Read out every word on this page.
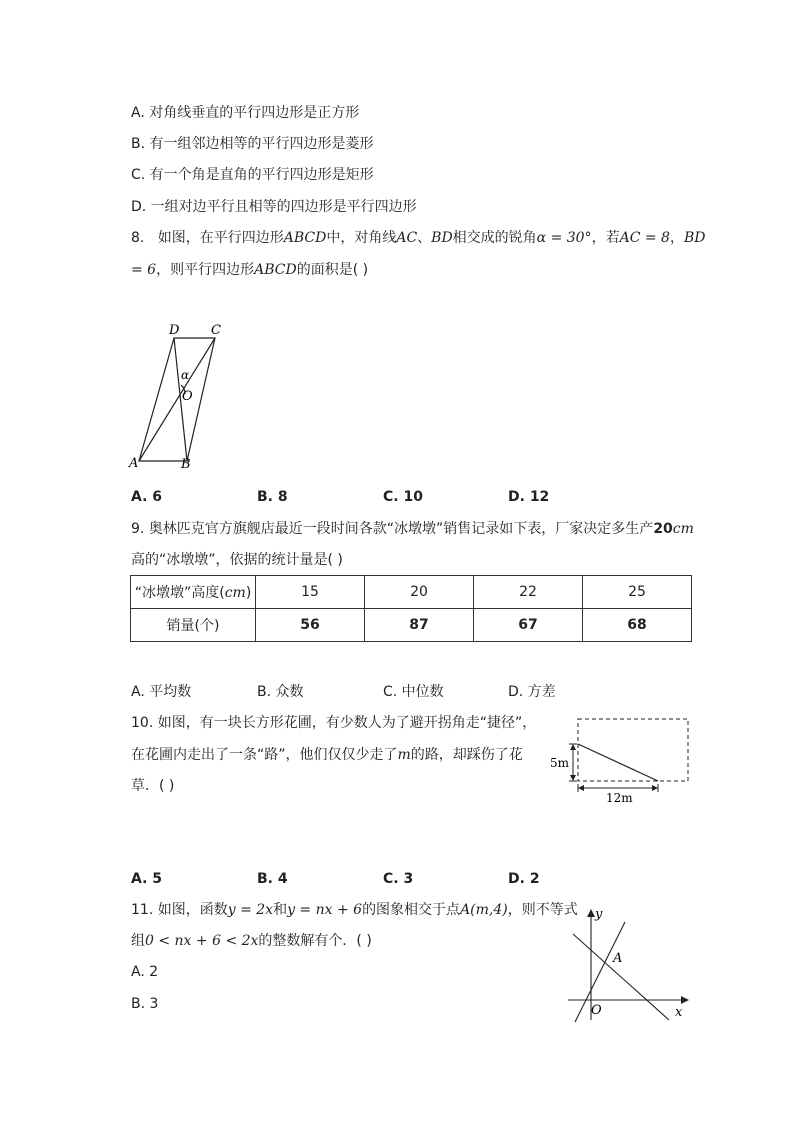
A. 对角线垂直的平行四边形是正方形
B. 有一组邻边相等的平行四边形是菱形
C. 有一个角是直角的平行四边形是矩形
D. 一组对边平行且相等的四边形是平行四边形
8. 如图，在平行四边形ABCD中，对角线AC、BD相交成的锐角α = 30°，若AC = 8，BD
= 6，则平行四边形ABCD的面积是( )
D C
A	B
O
α
A. 6	B. 8	C. 10	D. 12
9. 奥林匹克官方旗舰店最近一段时间各款“冰墩墩”销售记录如下表，厂家决定多生产20cm
高的“冰墩墩”，依据的统计量是( )
“冰墩墩”高度(cm)	15	20	22	25
销量(个)	56	87	67	68
A. 平均数	B. 众数	C. 中位数	D. 方差
10. 如图，有一块长方形花圃，有少数人为了避开拐角走“捷径”，
在花圃内走出了一条“路”，他们仅仅少走了m的路，却踩伤了花
草．( )
5m
12m
A. 5	B. 4	C. 3	D. 2
11. 如图，函数y = 2x和y = nx + 6的图象相交于点A(m,4)，则不等式
组0 < nx + 6 < 2x的整数解有个．( )
A. 2
B. 3
y
x
O
A
